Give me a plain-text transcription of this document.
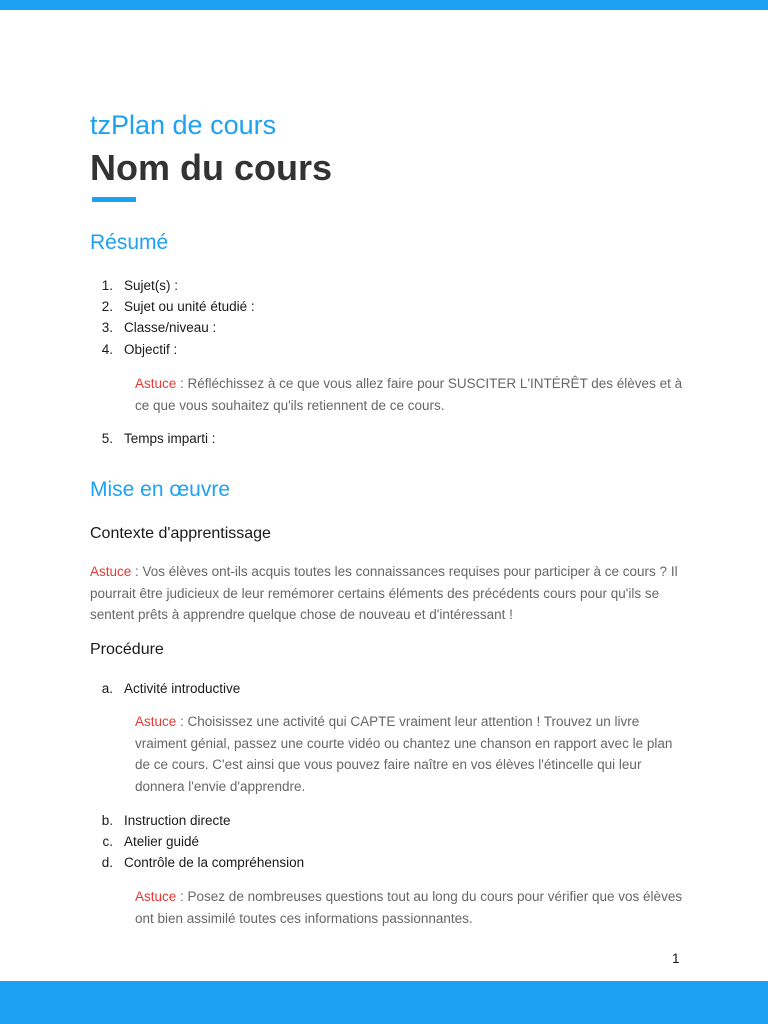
tzPlan de cours
Nom du cours
Résumé
1. Sujet(s) :
2. Sujet ou unité étudié :
3. Classe/niveau :
4. Objectif :
Astuce : Réfléchissez à ce que vous allez faire pour SUSCITER L'INTÉRÊT des élèves et à ce que vous souhaitez qu'ils retiennent de ce cours.
5. Temps imparti :
Mise en œuvre
Contexte d'apprentissage
Astuce : Vos élèves ont-ils acquis toutes les connaissances requises pour participer à ce cours ? Il pourrait être judicieux de leur remémorer certains éléments des précédents cours pour qu'ils se sentent prêts à apprendre quelque chose de nouveau et d'intéressant !
Procédure
a. Activité introductive
Astuce : Choisissez une activité qui CAPTE vraiment leur attention ! Trouvez un livre vraiment génial, passez une courte vidéo ou chantez une chanson en rapport avec le plan de ce cours. C'est ainsi que vous pouvez faire naître en vos élèves l'étincelle qui leur donnera l'envie d'apprendre.
b. Instruction directe
c. Atelier guidé
d. Contrôle de la compréhension
Astuce : Posez de nombreuses questions tout au long du cours pour vérifier que vos élèves ont bien assimilé toutes ces informations passionnantes.
1
